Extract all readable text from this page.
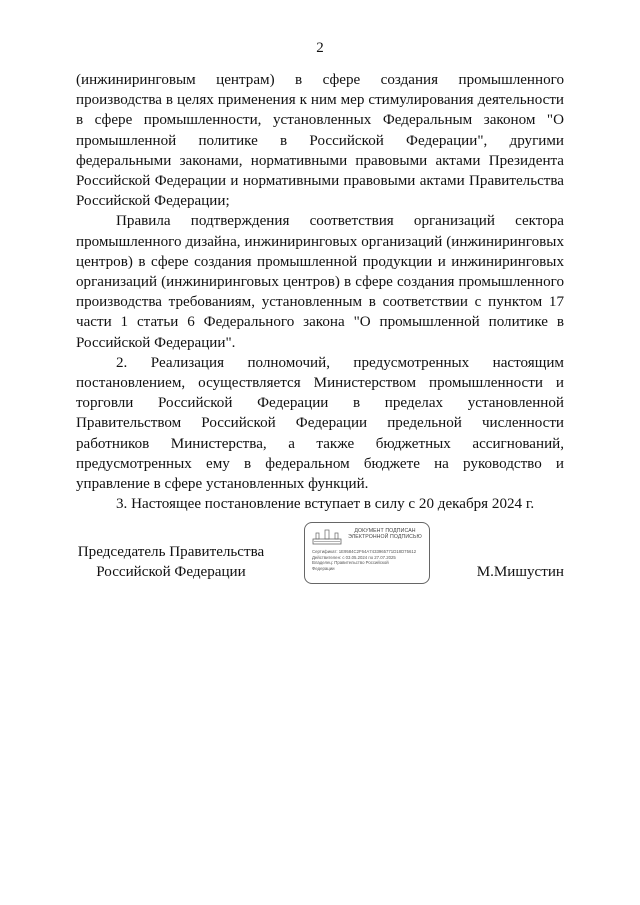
2

(инжиниринговым центрам) в сфере создания промышленного производства в целях применения к ним мер стимулирования деятельности в сфере промышленности, установленных Федеральным законом "О промышленной политике в Российской Федерации", другими федеральными законами, нормативными правовыми актами Президента Российской Федерации и нормативными правовыми актами Правительства Российской Федерации;

Правила подтверждения соответствия организаций сектора промышленного дизайна, инжиниринговых организаций (инжиниринговых центров) в сфере создания промышленной продукции и инжиниринговых организаций (инжиниринговых центров) в сфере создания промышленного производства требованиям, установленным в соответствии с пунктом 17 части 1 статьи 6 Федерального закона "О промышленной политике в Российской Федерации".

2. Реализация полномочий, предусмотренных настоящим постановлением, осуществляется Министерством промышленности и торговли Российской Федерации в пределах установленной Правительством Российской Федерации предельной численности работников Министерства, а также бюджетных ассигнований, предусмотренных ему в федеральном бюджете на руководство и управление в сфере установленных функций.

3. Настоящее постановление вступает в силу с 20 декабря 2024 г.

Председатель Правительства
Российской Федерации
ДОКУМЕНТ ПОДПИСАН
ЭЛЕКТРОННОЙ ПОДПИСЬЮ
Сертификат: 1E9584C2F64A7433965771D18D75612
Действителен: с 03.05.2024 по 27.07.2025
Владелец: Правительство Российской
Федерации	М.Мишустин
